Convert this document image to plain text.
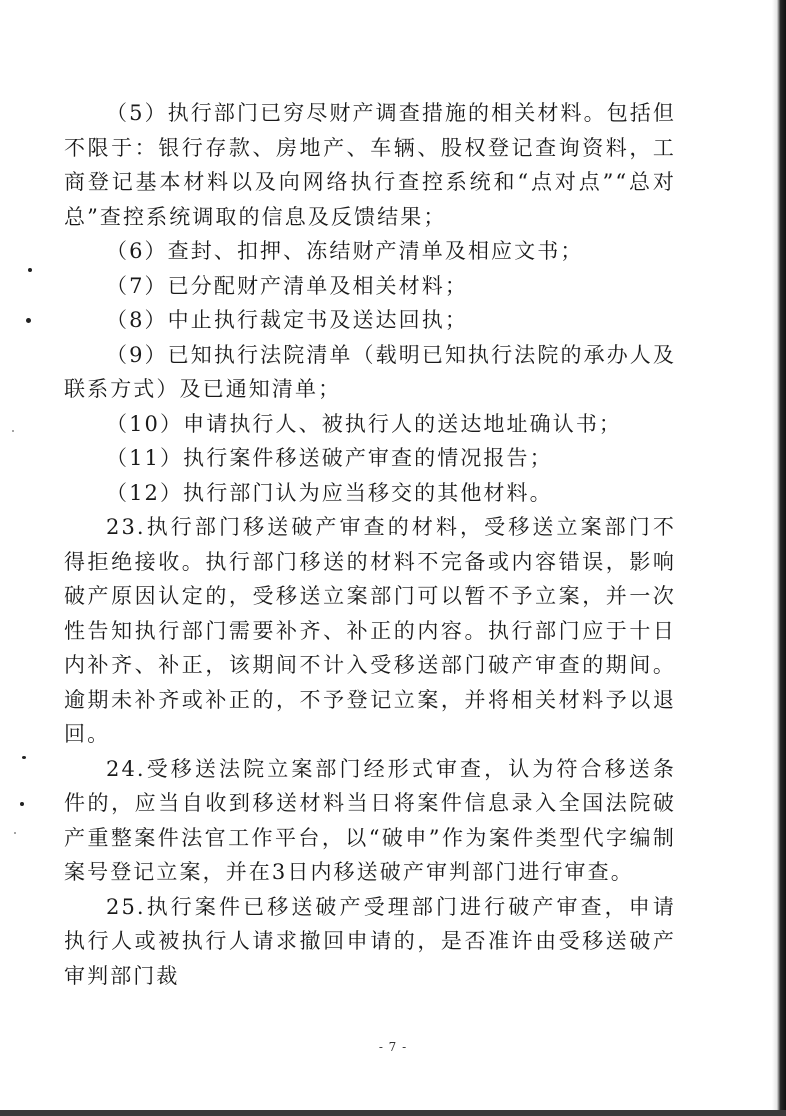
（5）执行部门已穷尽财产调查措施的相关材料。包括但不限于：银行存款、房地产、车辆、股权登记查询资料，工商登记基本材料以及向网络执行查控系统和“点对点”“总对总”查控系统调取的信息及反馈结果；

（6）查封、扣押、冻结财产清单及相应文书；

（7）已分配财产清单及相关材料；

（8）中止执行裁定书及送达回执；

（9）已知执行法院清单（载明已知执行法院的承办人及联系方式）及已通知清单；

（10）申请执行人、被执行人的送达地址确认书；

（11）执行案件移送破产审查的情况报告；

（12）执行部门认为应当移交的其他材料。

23.执行部门移送破产审查的材料，受移送立案部门不得拒绝接收。执行部门移送的材料不完备或内容错误，影响破产原因认定的，受移送立案部门可以暂不予立案，并一次性告知执行部门需要补齐、补正的内容。执行部门应于十日内补齐、补正，该期间不计入受移送部门破产审查的期间。逾期未补齐或补正的，不予登记立案，并将相关材料予以退回。

24.受移送法院立案部门经形式审查，认为符合移送条件的，应当自收到移送材料当日将案件信息录入全国法院破产重整案件法官工作平台，以“破申”作为案件类型代字编制案号登记立案，并在3日内移送破产审判部门进行审查。

25.执行案件已移送破产受理部门进行破产审查，申请执行人或被执行人请求撤回申请的，是否准许由受移送破产审判部门裁

- 7 -
